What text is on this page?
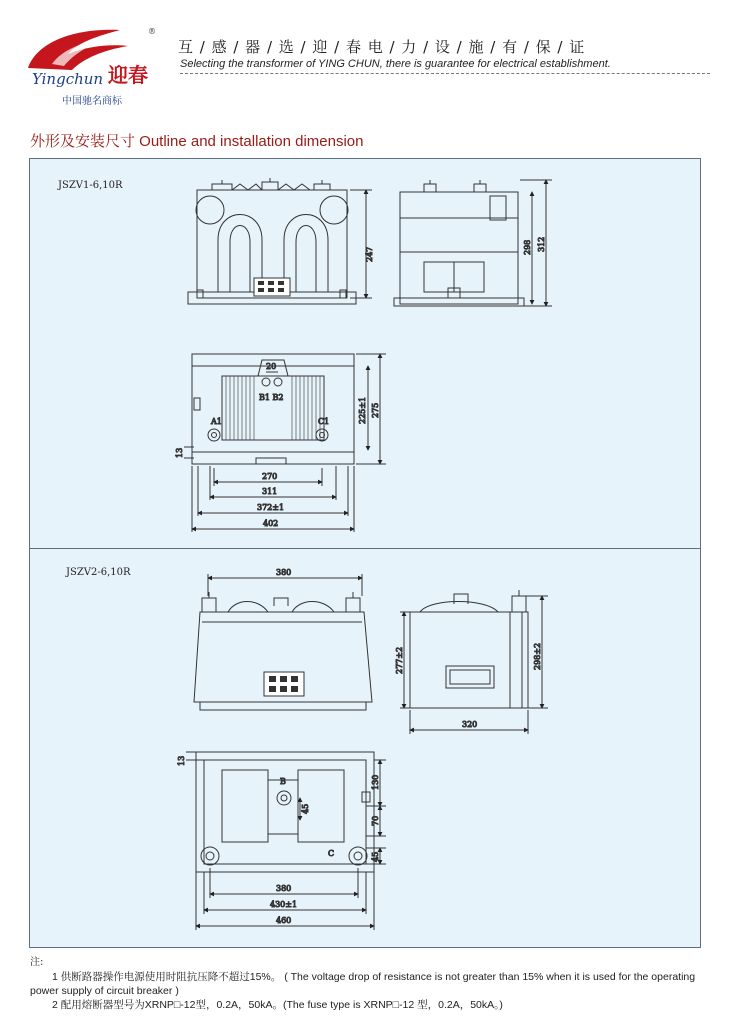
Yingchun 迎春
®
互 / 感 / 器 / 选 / 迎 / 春 电 / 力 / 设 / 施 / 有 / 保 / 证
Selecting the transformer of YING CHUN, there is guarantee for electrical establishment.
中国驰名商标
外形及安装尺寸 Outline and installation dimension
JSZV1-6,10R
JSZV2-6,10R
247	298 312
20
B1 B2
A1	C1	225±1 275
13
270
311
372±1
402
380
277±2	298±2
320
B
C
13
130
45
70
45
380
430±1
460
注:
1 供断路器操作电源使用时阻抗压降不超过15%。 ( The voltage drop of resistance is not greater than 15% when it is used for the operating power supply of circuit breaker )
2 配用熔断器型号为XRNP□-12型，0.2A，50kA。(The fuse type is XRNP□-12 型，0.2A，50kA。)
